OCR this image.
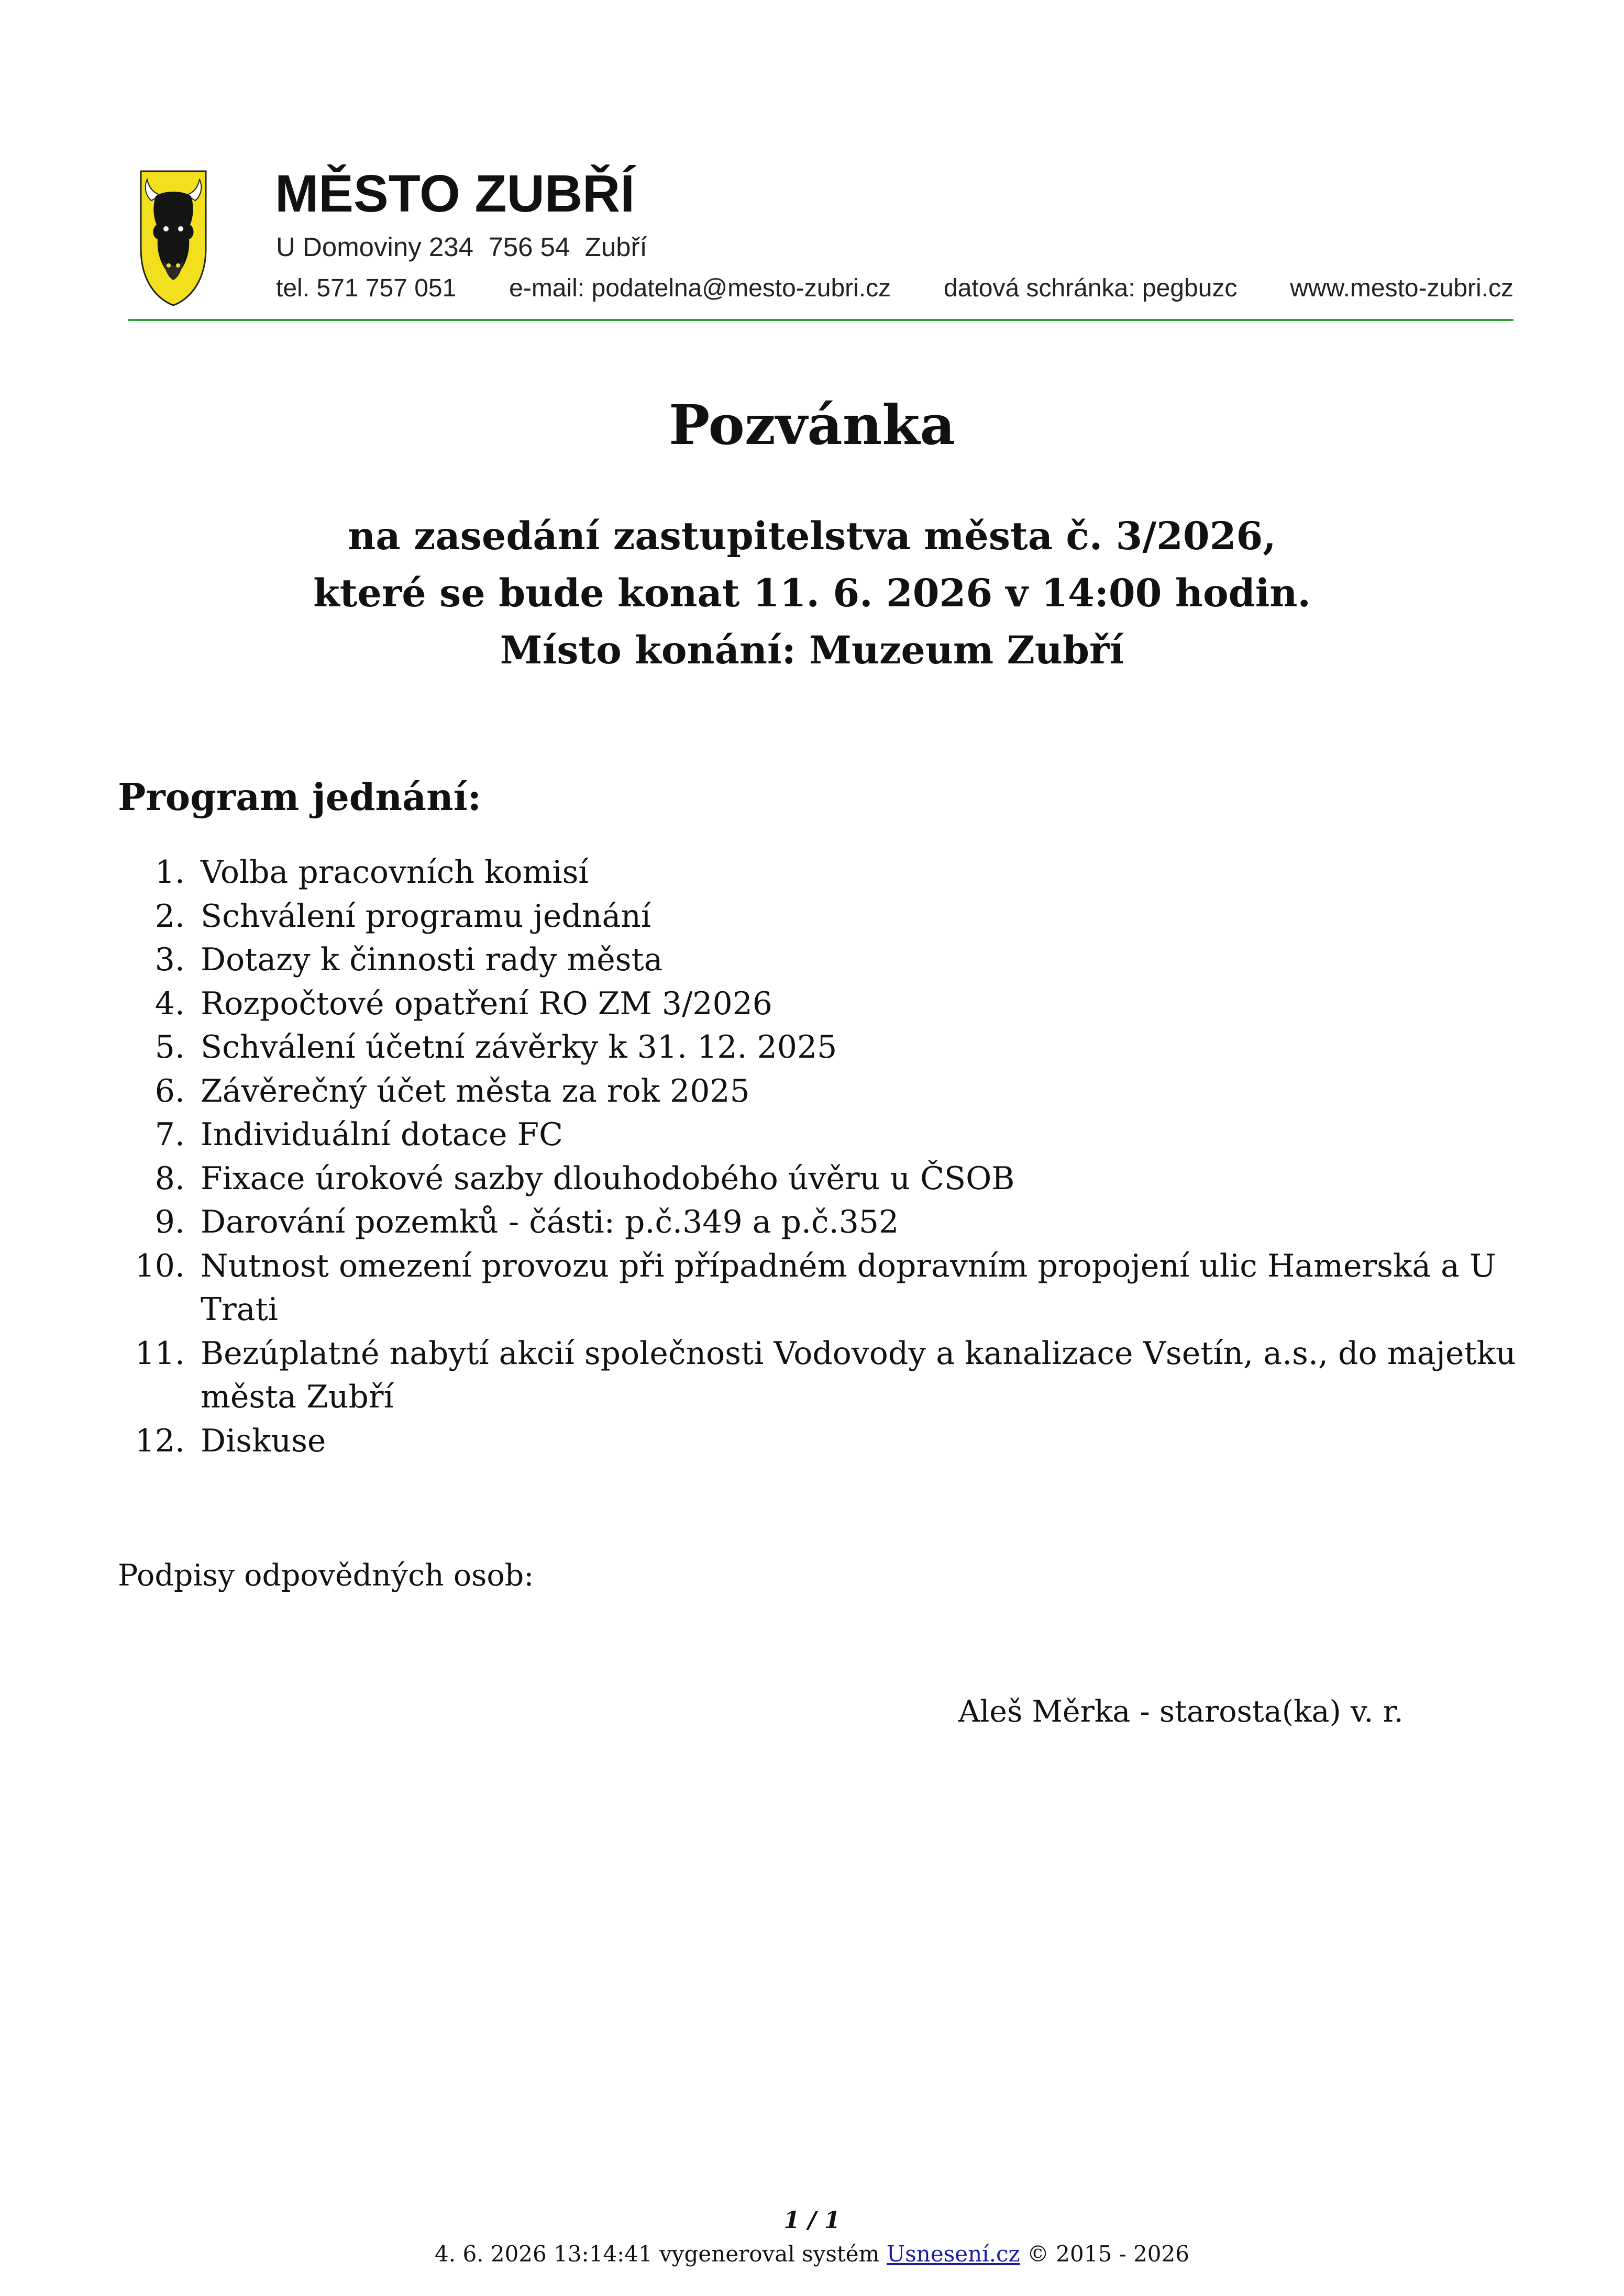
MĚSTO ZUBŘÍ
U Domoviny 234  756 54  Zubří
tel. 571 757 051 e-mail: podatelna@mesto-zubri.cz datová schránka: pegbuzc www.mesto-zubri.cz
Pozvánka
na zasedání zastupitelstva města č. 3/2026,
které se bude konat 11. 6. 2026 v 14:00 hodin.
Místo konání: Muzeum Zubří
Program jednání:
1. Volba pracovních komisí
2. Schválení programu jednání
3. Dotazy k činnosti rady města
4. Rozpočtové opatření RO ZM 3/2026
5. Schválení účetní závěrky k 31. 12. 2025
6. Závěrečný účet města za rok 2025
7. Individuální dotace FC
8. Fixace úrokové sazby dlouhodobého úvěru u ČSOB
9. Darování pozemků - části: p.č.349 a p.č.352
10. Nutnost omezení provozu při případném dopravním propojení ulic Hamerská a U Trati
11. Bezúplatné nabytí akcií společnosti Vodovody a kanalizace Vsetín, a.s., do majetku města Zubří
12. Diskuse
Podpisy odpovědných osob:
Aleš Měrka - starosta(ka) v. r.
1 / 1
4. 6. 2026 13:14:41 vygeneroval systém Usnesení.cz © 2015 - 2026
